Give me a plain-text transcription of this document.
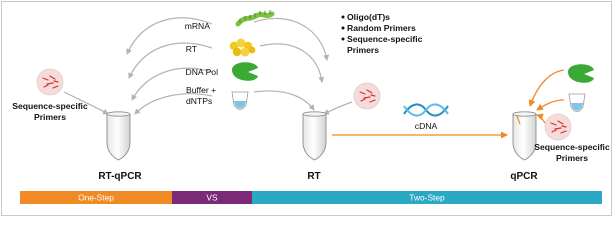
mRNA
RT
DNA Pol
Buffer +
dNTPs
Oligo(dT)s
Random Primers
Sequence-specific
Primers
Sequence-specific
Primers
cDNA
Sequence-specific
Primers
RT-qPCR	RT	qPCR
One-Step	VS	Two-Step
